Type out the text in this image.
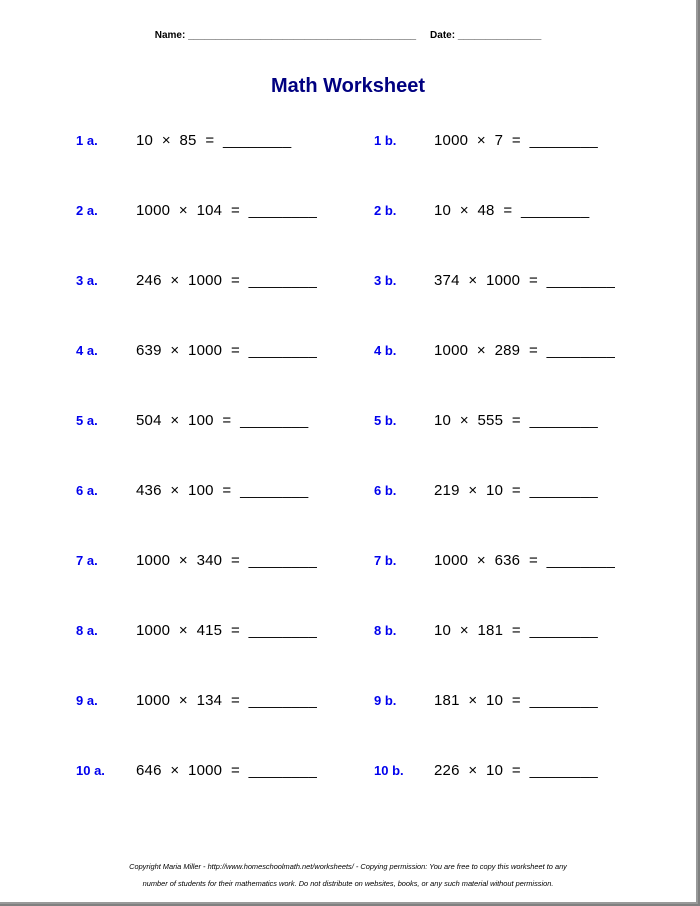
Name: _________________________________________ Date: _______________
Math Worksheet
1 a.	10  ×  85  =  ________	1 b.	1000  ×  7  =  ________
2 a.	1000  ×  104  =  ________	2 b.	10  ×  48  =  ________
3 a.	246  ×  1000  =  ________	3 b.	374  ×  1000  =  ________
4 a.	639  ×  1000  =  ________	4 b.	1000  ×  289  =  ________
5 a.	504  ×  100  =  ________	5 b.	10  ×  555  =  ________
6 a.	436  ×  100  =  ________	6 b.	219  ×  10  =  ________
7 a.	1000  ×  340  =  ________	7 b.	1000  ×  636  =  ________
8 a.	1000  ×  415  =  ________	8 b.	10  ×  181  =  ________
9 a.	1000  ×  134  =  ________	9 b.	181  ×  10  =  ________
10 a. 646  ×  1000  =  ________	10 b. 226  ×  10  =  ________
Copyright Maria Miller - http://www.homeschoolmath.net/worksheets/ - Copying permission: You are free to copy this worksheet to any
number of students for their mathematics work. Do not distribute on websites, books, or any such material without permission.
